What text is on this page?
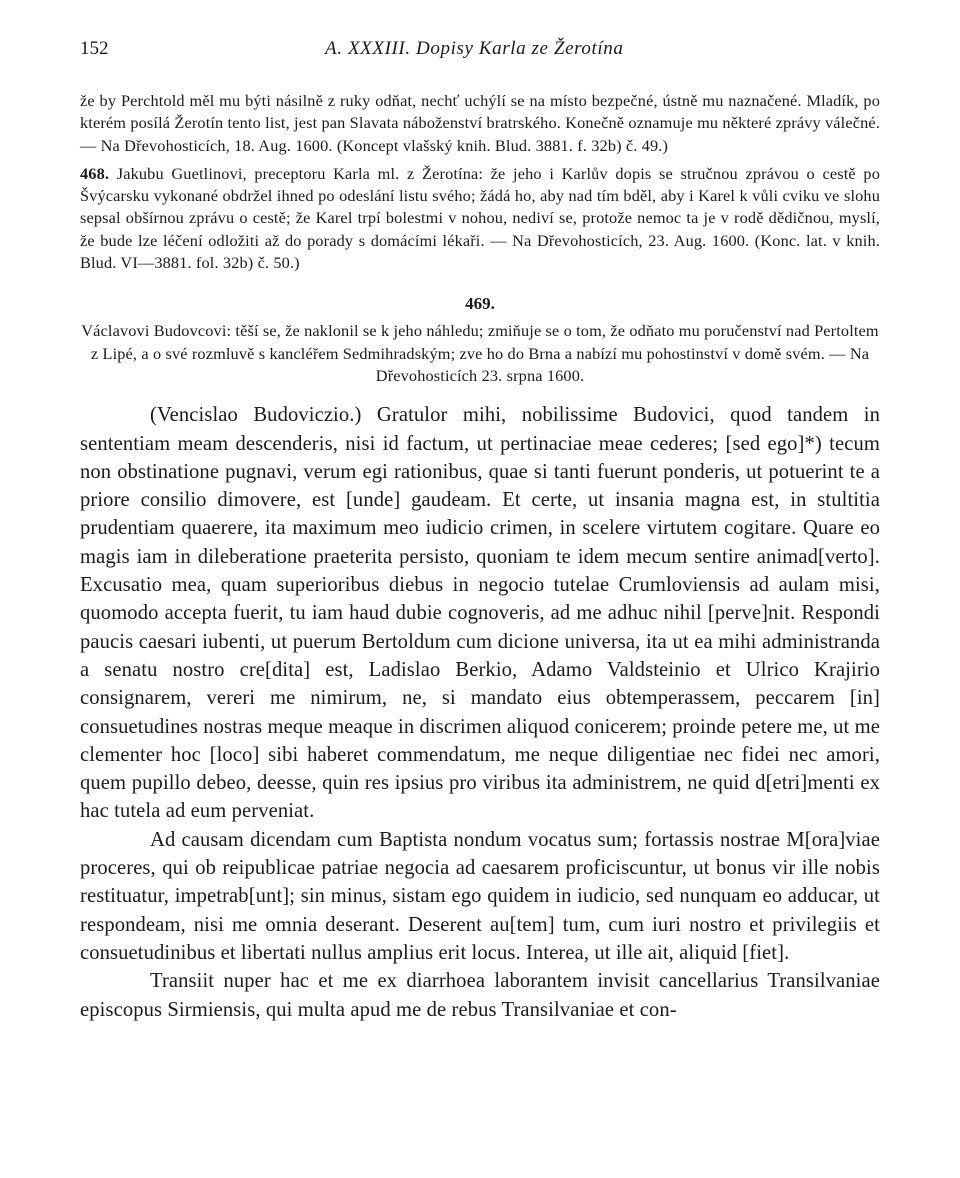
152	A. XXXIII. Dopisy Karla ze Žerotína

že by Perchtold měl mu býti násilně z ruky odňat, nechť uchýlí se na místo bezpečné, ústně mu naznačené. Mladík, po kterém posílá Žerotín tento list, jest pan Slavata náboženství bratrského. Konečně oznamuje mu některé zprávy válečné. — Na Dřevohosticích, 18. Aug. 1600. (Koncept vlašský knih. Blud. 3881. f. 32b) č. 49.)

468. Jakubu Guetlinovi, preceptoru Karla ml. z Žerotína: že jeho i Karlův dopis se stručnou zprávou o cestě po Švýcarsku vykonané obdržel ihned po odeslání listu svého; žádá ho, aby nad tím bděl, aby i Karel k vůli cviku ve slohu sepsal obšírnou zprávu o cestě; že Karel trpí bolestmi v nohou, nediví se, protože nemoc ta je v rodě dědičnou, myslí, že bude lze léčení odložiti až do porady s domácími lékaři. — Na Dřevohosticích, 23. Aug. 1600. (Konc. lat. v knih. Blud. VI—3881. fol. 32b) č. 50.)

469.

Václavovi Budovcovi: těší se, že naklonil se k jeho náhledu; zmiňuje se o tom, že odňato mu poručenství nad Pertoltem z Lipé, a o své rozmluvě s kancléřem Sedmihradským; zve ho do Brna a nabízí mu pohostinství v domě svém. — Na Dřevohosticích 23. srpna 1600.

(Vencislao Budoviczio.) Gratulor mihi, nobilissime Budovici, quod tandem in sententiam meam descenderis, nisi id factum, ut pertinaciae meae cederes; [sed ego]*) tecum non obstinatione pugnavi, verum egi rationibus, quae si tanti fuerunt ponderis, ut potuerint te a priore consilio dimovere, est [unde] gaudeam. Et certe, ut insania magna est, in stultitia prudentiam quaerere, ita maximum meo iudicio crimen, in scelere virtutem cogitare. Quare eo magis iam in dileberatione praeterita persisto, quoniam te idem mecum sentire animad[verto]. Excusatio mea, quam superioribus diebus in negocio tutelae Crumloviensis ad aulam misi, quomodo accepta fuerit, tu iam haud dubie cognoveris, ad me adhuc nihil [perve]nit. Respondi paucis caesari iubenti, ut puerum Bertoldum cum dicione universa, ita ut ea mihi administranda a senatu nostro cre[dita] est, Ladislao Berkio, Adamo Valdsteinio et Ulrico Krajirio consignarem, vereri me nimirum, ne, si mandato eius obtemperassem, peccarem [in] consuetudines nostras meque meaque in discrimen aliquod conicerem; proinde petere me, ut me clementer hoc [loco] sibi haberet commendatum, me neque diligentiae nec fidei nec amori, quem pupillo debeo, deesse, quin res ipsius pro viribus ita administrem, ne quid d[etri]menti ex hac tutela ad eum perveniat.

Ad causam dicendam cum Baptista nondum vocatus sum; fortassis nostrae M[ora]viae proceres, qui ob reipublicae patriae negocia ad caesarem proficiscuntur, ut bonus vir ille nobis restituatur, impetrab[unt]; sin minus, sistam ego quidem in iudicio, sed nunquam eo adducar, ut respondeam, nisi me omnia deserant. Deserent au[tem] tum, cum iuri nostro et privilegiis et consuetudinibus et libertati nullus amplius erit locus. Interea, ut ille ait, aliquid [fiet].

Transiit nuper hac et me ex diarrhoea laborantem invisit cancellarius Transilvaniae episcopus Sirmiensis, qui multa apud me de rebus Transilvaniae et con-
